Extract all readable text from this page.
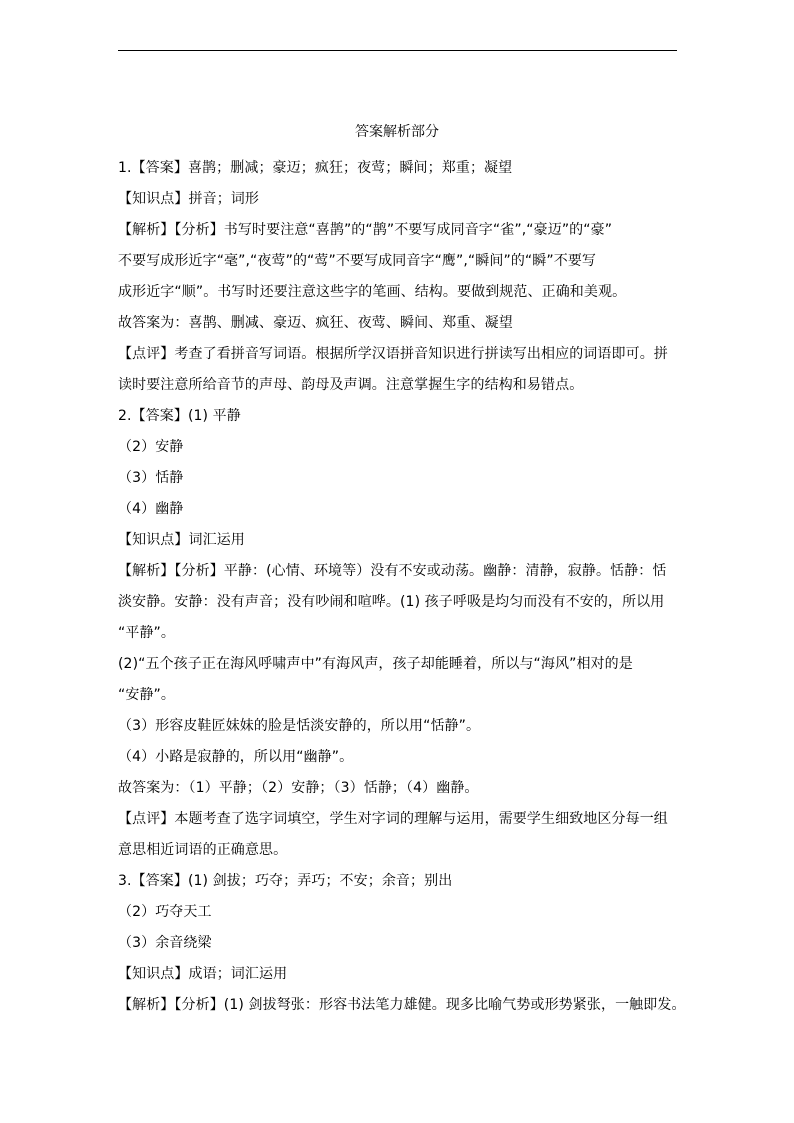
答案解析部分
1.【答案】喜鹊；删减；豪迈；疯狂；夜莺；瞬间；郑重；凝望
【知识点】拼音；词形
【解析】【分析】书写时要注意“喜鹊”的“鹊”不要写成同音字“雀”,“豪迈”的“豪”
不要写成形近字“毫”,“夜莺”的“莺”不要写成同音字“鹰”,“瞬间”的“瞬”不要写
成形近字“顺”。书写时还要注意这些字的笔画、结构。要做到规范、正确和美观。
故答案为：喜鹊、删减、豪迈、疯狂、夜莺、瞬间、郑重、凝望
【点评】考查了看拼音写词语。根据所学汉语拼音知识进行拼读写出相应的词语即可。拼
读时要注意所给音节的声母、韵母及声调。注意掌握生字的结构和易错点。
2.【答案】(1) 平静
（2）安静
（3）恬静
（4）幽静
【知识点】词汇运用
【解析】【分析】平静：(心情、环境等）没有不安或动荡。幽静：清静，寂静。恬静：恬
淡安静。安静：没有声音；没有吵闹和喧哗。(1) 孩子呼吸是均匀而没有不安的，所以用
“平静”。
(2)“五个孩子正在海风呼啸声中”有海风声，孩子却能睡着，所以与“海风”相对的是
“安静”。
（3）形容皮鞋匠妹妹的脸是恬淡安静的，所以用“恬静”。
（4）小路是寂静的，所以用“幽静”。
故答案为：（1）平静；（2）安静；（3）恬静；（4）幽静。
【点评】本题考查了选字词填空，学生对字词的理解与运用，需要学生细致地区分每一组
意思相近词语的正确意思。
3.【答案】(1) 剑拔；巧夺；弄巧；不安；余音；别出
（2）巧夺天工
（3）余音绕梁
【知识点】成语；词汇运用
【解析】【分析】(1) 剑拔弩张：形容书法笔力雄健。现多比喻气势或形势紧张，一触即发。
